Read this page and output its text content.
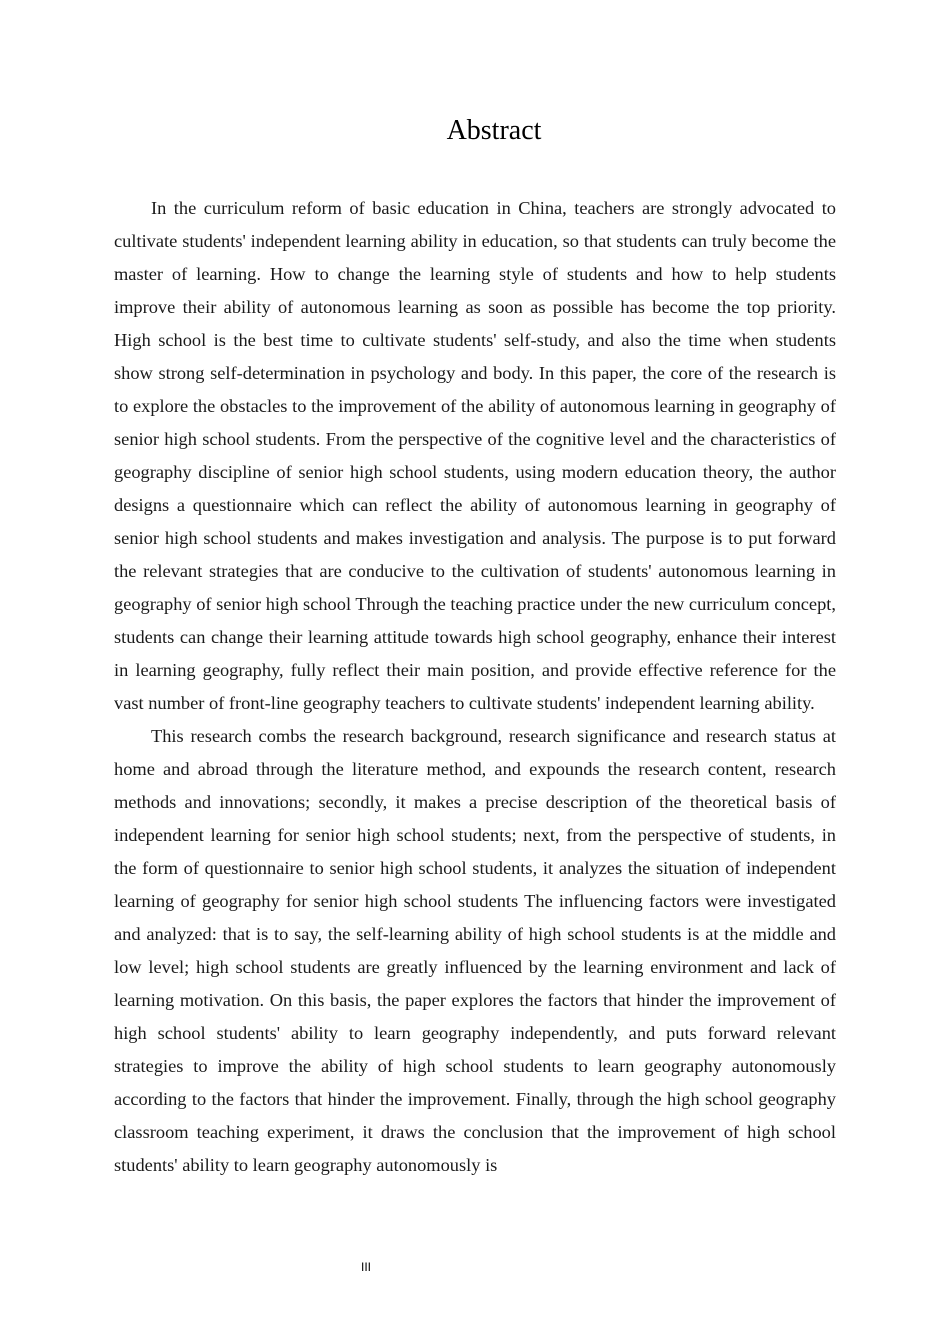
Abstract

In the curriculum reform of basic education in China, teachers are strongly advocated to cultivate students' independent learning ability in education, so that students can truly become the master of learning. How to change the learning style of students and how to help students improve their ability of autonomous learning as soon as possible has become the top priority. High school is the best time to cultivate students' self-study, and also the time when students show strong self-determination in psychology and body. In this paper, the core of the research is to explore the obstacles to the improvement of the ability of autonomous learning in geography of senior high school students. From the perspective of the cognitive level and the characteristics of geography discipline of senior high school students, using modern education theory, the author designs a questionnaire which can reflect the ability of autonomous learning in geography of senior high school students and makes investigation and analysis. The purpose is to put forward the relevant strategies that are conducive to the cultivation of students' autonomous learning in geography of senior high school Through the teaching practice under the new curriculum concept, students can change their learning attitude towards high school geography, enhance their interest in learning geography, fully reflect their main position, and provide effective reference for the vast number of front-line geography teachers to cultivate students' independent learning ability.

This research combs the research background, research significance and research status at home and abroad through the literature method, and expounds the research content, research methods and innovations; secondly, it makes a precise description of the theoretical basis of independent learning for senior high school students; next, from the perspective of students, in the form of questionnaire to senior high school students, it analyzes the situation of independent learning of geography for senior high school students The influencing factors were investigated and analyzed: that is to say, the self-learning ability of high school students is at the middle and low level; high school students are greatly influenced by the learning environment and lack of learning motivation. On this basis, the paper explores the factors that hinder the improvement of high school students' ability to learn geography independently, and puts forward relevant strategies to improve the ability of high school students to learn geography autonomously according to the factors that hinder the improvement. Finally, through the high school geography classroom teaching experiment, it draws the conclusion that the improvement of high school students' ability to learn geography autonomously is

III
